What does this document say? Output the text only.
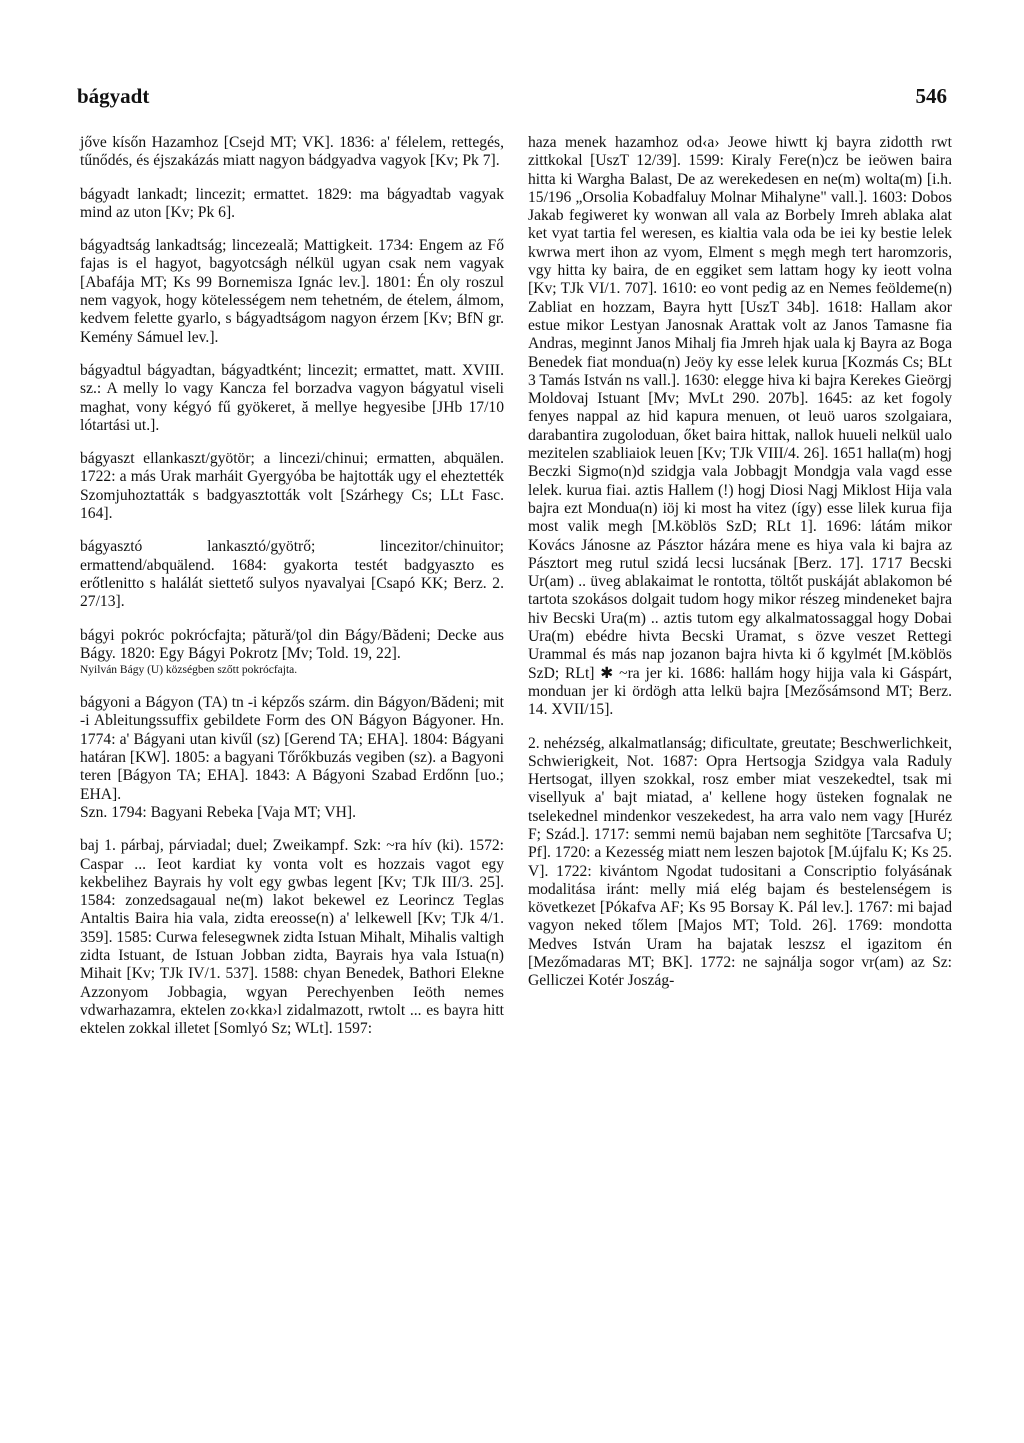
bágyadt	546

jőve kísőn Hazamhoz [Csejd MT; VK]. 1836: a' félelem, rettegés, tűnődés, és éjszakázás miatt nagyon bádgyadva vagyok [Kv; Pk 7].

bágyadt lankadt; lincezit; ermattet. 1829: ma bágyadtab vagyak mind az uton [Kv; Pk 6].

bágyadtság lankadtság; lincezeală; Mattigkeit. 1734: Engem az Fő fajas is el hagyot, bagyotcságh nélkül ugyan csak nem vagyak [Abafája MT; Ks 99 Bornemisza Ignác lev.]. 1801: Én oly roszul nem vagyok, hogy kötelességem nem tehetném, de ételem, álmom, kedvem felette gyarlo, s bágyadtságom nagyon érzem [Kv; BfN gr. Kemény Sámuel lev.].

bágyadtul bágyadtan, bágyadtként; lincezit; ermattet, matt. XVIII. sz.: A melly lo vagy Kancza fel borzadva vagyon bágyatul viseli maghat, vony kégyó fű gyökeret, ă mellye hegyesibe [JHb 17/10 lótartási ut.].

bágyaszt ellankaszt/gyötör; a lincezi/chinui; ermatten, abquälen. 1722: a más Urak marháit Gyergyóba be hajtották ugy el eheztették Szomjuhoztatták s badgyasztották volt [Szárhegy Cs; LLt Fasc. 164].

bágyasztó lankasztó/gyötrő; lincezitor/chinuitor; ermattend/abquälend. 1684: gyakorta testét badgyaszto es erőtlenitto s halálát siettető sulyos nyavalyai [Csapó KK; Berz. 2. 27/13].

bágyi pokróc pokrócfajta; pătură/ţol din Bágy/Bădeni; Decke aus Bágy. 1820: Egy Bágyi Pokrotz [Mv; Told. 19, 22].

Nyilván Bágy (U) községben szőtt pokrócfajta.

bágyoni a Bágyon (TA) tn -i képzős szárm. din Bágyon/Bădeni; mit -i Ableitungssuffix gebildete Form des ON Bágyon Bágyoner. Hn. 1774: a' Bágyani utan kivűl (sz) [Gerend TA; EHA]. 1804: Bágyani határan [KW]. 1805: a bagyani Tőrőkbuzás vegiben (sz). a Bagyoni teren [Bágyon TA; EHA]. 1843: A Bágyoni Szabad Erdőnn [uo.; EHA].

Szn. 1794: Bagyani Rebeka [Vaja MT; VH].

baj 1. párbaj, párviadal; duel; Zweikampf. Szk: ~ra hív (ki). 1572: Caspar ... Ieot kardiat ky vonta volt es hozzais vagot egy kekbelihez Bayrais hy volt egy gwbas legent [Kv; TJk III/3. 25]. 1584: zonzedsagaual ne(m) lakot bekewel ez Leorincz Teglas Antaltis Baira hia vala, zidta ereosse(n) a' lelkewell [Kv; TJk 4/1. 359]. 1585: Curwa felesegwnek zidta Istuan Mihalt, Mihalis valtigh zidta Istuant, de Istuan Jobban zidta, Bayrais hya vala Istua(n) Mihait [Kv; TJk IV/1. 537]. 1588: chyan Benedek, Bathori Elekne Azzonyom Jobbagia, wgyan Perechyenben Ieöth nemes vdwarhazamra, ektelen zo‹kka›l zidalmazott, rwtolt ... es bayra hitt ektelen zokkal illetet [Somlyó Sz; WLt]. 1597:

haza menek hazamhoz od‹a› Jeowe hiwtt kj bayra zidotth rwt zittkokal [UszT 12/39]. 1599: Kiraly Fere(n)cz be ieöwen baira hitta ki Wargha Balast, De az werekedesen en ne(m) wolta(m) [i.h. 15/196 „Orsolia Kobadfaluy Molnar Mihalyne" vall.]. 1603: Dobos Jakab fegiweret ky wonwan all vala az Borbely Imreh ablaka alat ket vyat tartia fel weresen, es kialtia vala oda be iei ky bestie lelek kwrwa mert ihon az vyom, Elment s męgh megh tert haromzoris, vgy hitta ky baira, de en eggiket sem lattam hogy ky ieott volna [Kv; TJk VI/1. 707]. 1610: eo vont pedig az en Nemes feöldeme(n) Zabliat en hozzam, Bayra hytt [UszT 34b]. 1618: Hallam akor estue mikor Lestyan Janosnak Arattak volt az Janos Tamasne fia Andras, meginnt Janos Mihalj fia Jmreh hjak uala kj Bayra az Boga Benedek fiat mondua(n) Jeöy ky esse lelek kurua [Kozmás Cs; BLt 3 Tamás István ns vall.]. 1630: elegge hiva ki bajra Kerekes Gieörgj Moldovaj Istuant [Mv; MvLt 290. 207b]. 1645: az ket fogoly fenyes nappal az hid kapura menuen, ot leuö uaros szolgaiara, darabantira zugoloduan, őket baira hittak, nallok huueli nelkül ualo mezitelen szabliaiok leuen [Kv; TJk VIII/4. 26]. 1651 halla(m) hogj Beczki Sigmo(n)d szidgja vala Jobbagjt Mondgja vala vagd esse lelek. kurua fiai. aztis Hallem (!) hogj Diosi Nagj Miklost Hija vala bajra ezt Mondua(n) iöj ki most ha vitez (így) esse lilek kurua fija most valik megh [M.köblös SzD; RLt 1]. 1696: látám mikor Kovács Jánosne az Pásztor házára mene es hiya vala ki bajra az Pásztort meg rutul szidá lecsi lucsának [Berz. 17]. 1717 Becski Ur(am) .. üveg ablakaimat le rontotta, töltőt puskáját ablakomon bé tartota szokásos dolgait tudom hogy mikor részeg mindeneket bajra hiv Becski Ura(m) .. aztis tutom egy alkalmatossaggal hogy Dobai Ura(m) ebédre hivta Becski Uramat, s özve veszet Rettegi Urammal és más nap jozanon bajra hivta ki ő kgylmét [M.köblös SzD; RLt] ✱ ~ra jer ki. 1686: hallám hogy hijja vala ki Gáspárt, monduan jer ki ördögh atta lelkü bajra [Mezősámsond MT; Berz. 14. XVII/15].

2. nehézség, alkalmatlanság; dificultate, greutate; Beschwerlichkeit, Schwierigkeit, Not. 1687: Opra Hertsogja Szidgya vala Raduly Hertsogat, illyen szokkal, rosz ember miat veszekedtel, tsak mi visellyuk a' bajt miatad, a' kellene hogy üsteken fognalak ne tselekednel mindenkor veszekedest, ha arra valo nem vagy [Huréz F; Szád.]. 1717: semmi nemü bajaban nem seghitöte [Tarcsafva U; Pf]. 1720: a Kezesség miatt nem leszen bajotok [M.újfalu K; Ks 25. V]. 1722: kivántom Ngodat tudositani a Conscriptio folyásának modalitása iránt: melly miá elég bajam és bestelenségem is következet [Pókafva AF; Ks 95 Borsay K. Pál lev.]. 1767: mi bajad vagyon neked tőlem [Majos MT; Told. 26]. 1769: mondotta Medves István Uram ha bajatak leszsz el igazitom én [Mezőmadaras MT; BK]. 1772: ne sajnálja sogor vr(am) az Sz: Gelliczei Kotér Joszág-
